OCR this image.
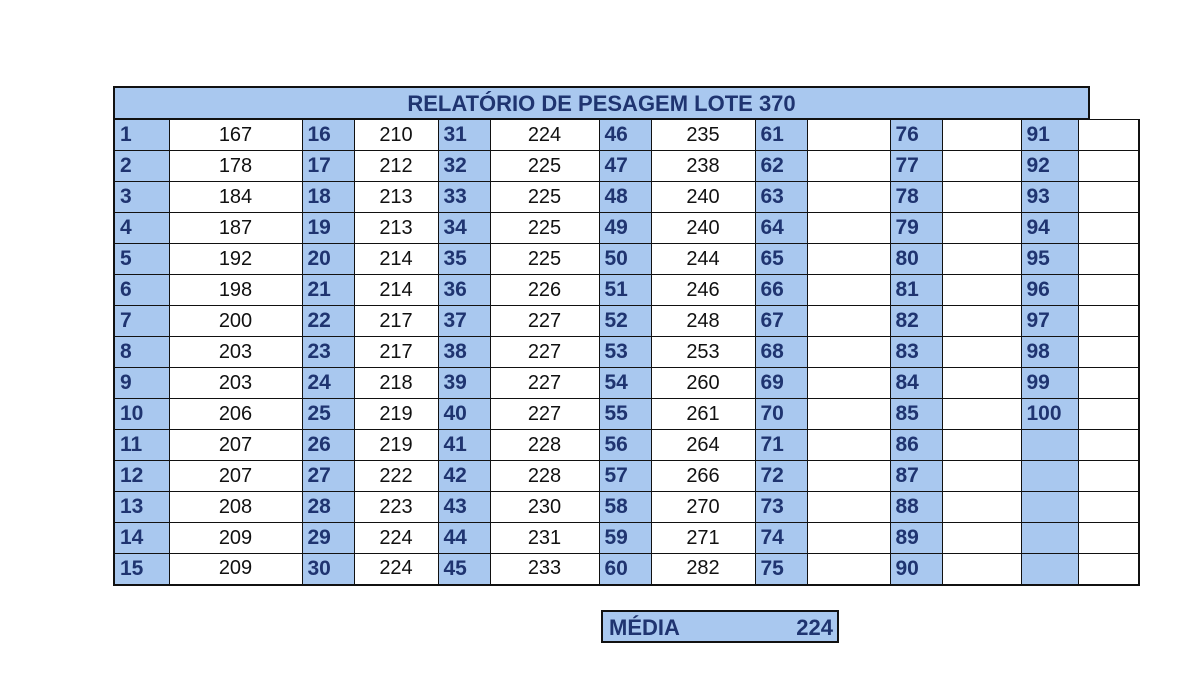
RELATÓRIO DE PESAGEM LOTE 370
1	167	16	210	31	224	46	235	61		76		91	
2	178	17	212	32	225	47	238	62		77		92	
3	184	18	213	33	225	48	240	63		78		93	
4	187	19	213	34	225	49	240	64		79		94	
5	192	20	214	35	225	50	244	65		80		95	
6	198	21	214	36	226	51	246	66		81		96	
7	200	22	217	37	227	52	248	67		82		97	
8	203	23	217	38	227	53	253	68		83		98	
9	203	24	218	39	227	54	260	69		84		99	
10	206	25	219	40	227	55	261	70		85		100	
11	207	26	219	41	228	56	264	71		86			
12	207	27	222	42	228	57	266	72		87			
13	208	28	223	43	230	58	270	73		88			
14	209	29	224	44	231	59	271	74		89			
15	209	30	224	45	233	60	282	75		90			
MÉDIA	224
